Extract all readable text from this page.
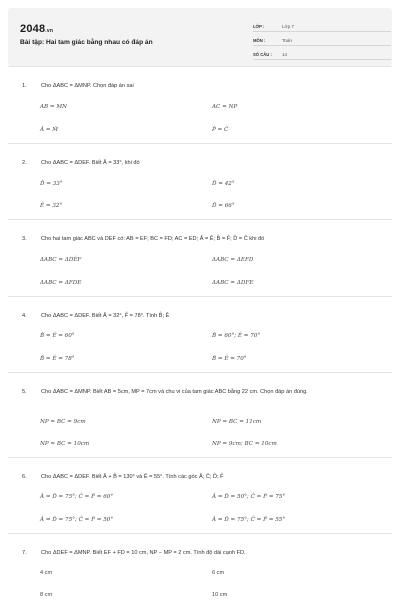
2048.vn
Bài tập: Hai tam giác bằng nhau có đáp án
LỚP :	Lớp 7
MÔN :	Toán
SỐ CÂU :	14
1.	Cho ΔABC = ΔMNP. Chọn đáp án sai
AB = MN	AC = NP
Â = M̂	P̂ = Ĉ
2.	Cho ΔABC = ΔDEF. Biết Â = 33°, khi đó
D̂ = 33°	D̂ = 42°
Ê = 32°	D̂ = 66°
3.	Cho hai tam giác ABC và DEF có: AB = EF; BC = FD; AC = ED; Â = Ê; B̂ = F̂; D̂ = Ĉ khi đó
ΔABC = ΔDÉF	ΔABC = ΔEFD
ΔABC = ΔFDE	ΔABC = ΔDFE
4.	Cho ΔABC = ΔDEF. Biết Â = 32°, F̂ = 78°. Tính B̂; Ê
B̂ = Ê = 60°	B̂ = 60°; Ê = 70°
B̂ = Ê = 78°	B̂ = Ê = 70°
5.	Cho ΔABC = ΔMNP. Biết AB = 5cm, MP = 7cm và chu vi của tam giác ABC bằng 22 cm. Chọn đáp án đúng.
NP = BC = 9cm	NP = BC = 11cm
NP = BC = 10cm	NP = 9cm; BC = 10cm
6.	Cho ΔABC = ΔDEF. Biết Â + B̂ = 130° và Ê = 55°. Tính các góc Â; Ĉ; D̂; F̂
Â = D̂ = 75°; Ĉ = F̂ = 60°	Â = D̂ = 50°; Ĉ = F̂ = 75°
Â = D̂ = 75°; Ĉ = F̂ = 50°	Â = D̂ = 75°; Ĉ = F̂ = 55°
7.	Cho ΔDEF = ΔMNP. Biết EF + FD = 10 cm, NP − MP = 2 cm. Tính độ dài cạnh FD.
4 cm	6 cm
8 cm	10 cm
